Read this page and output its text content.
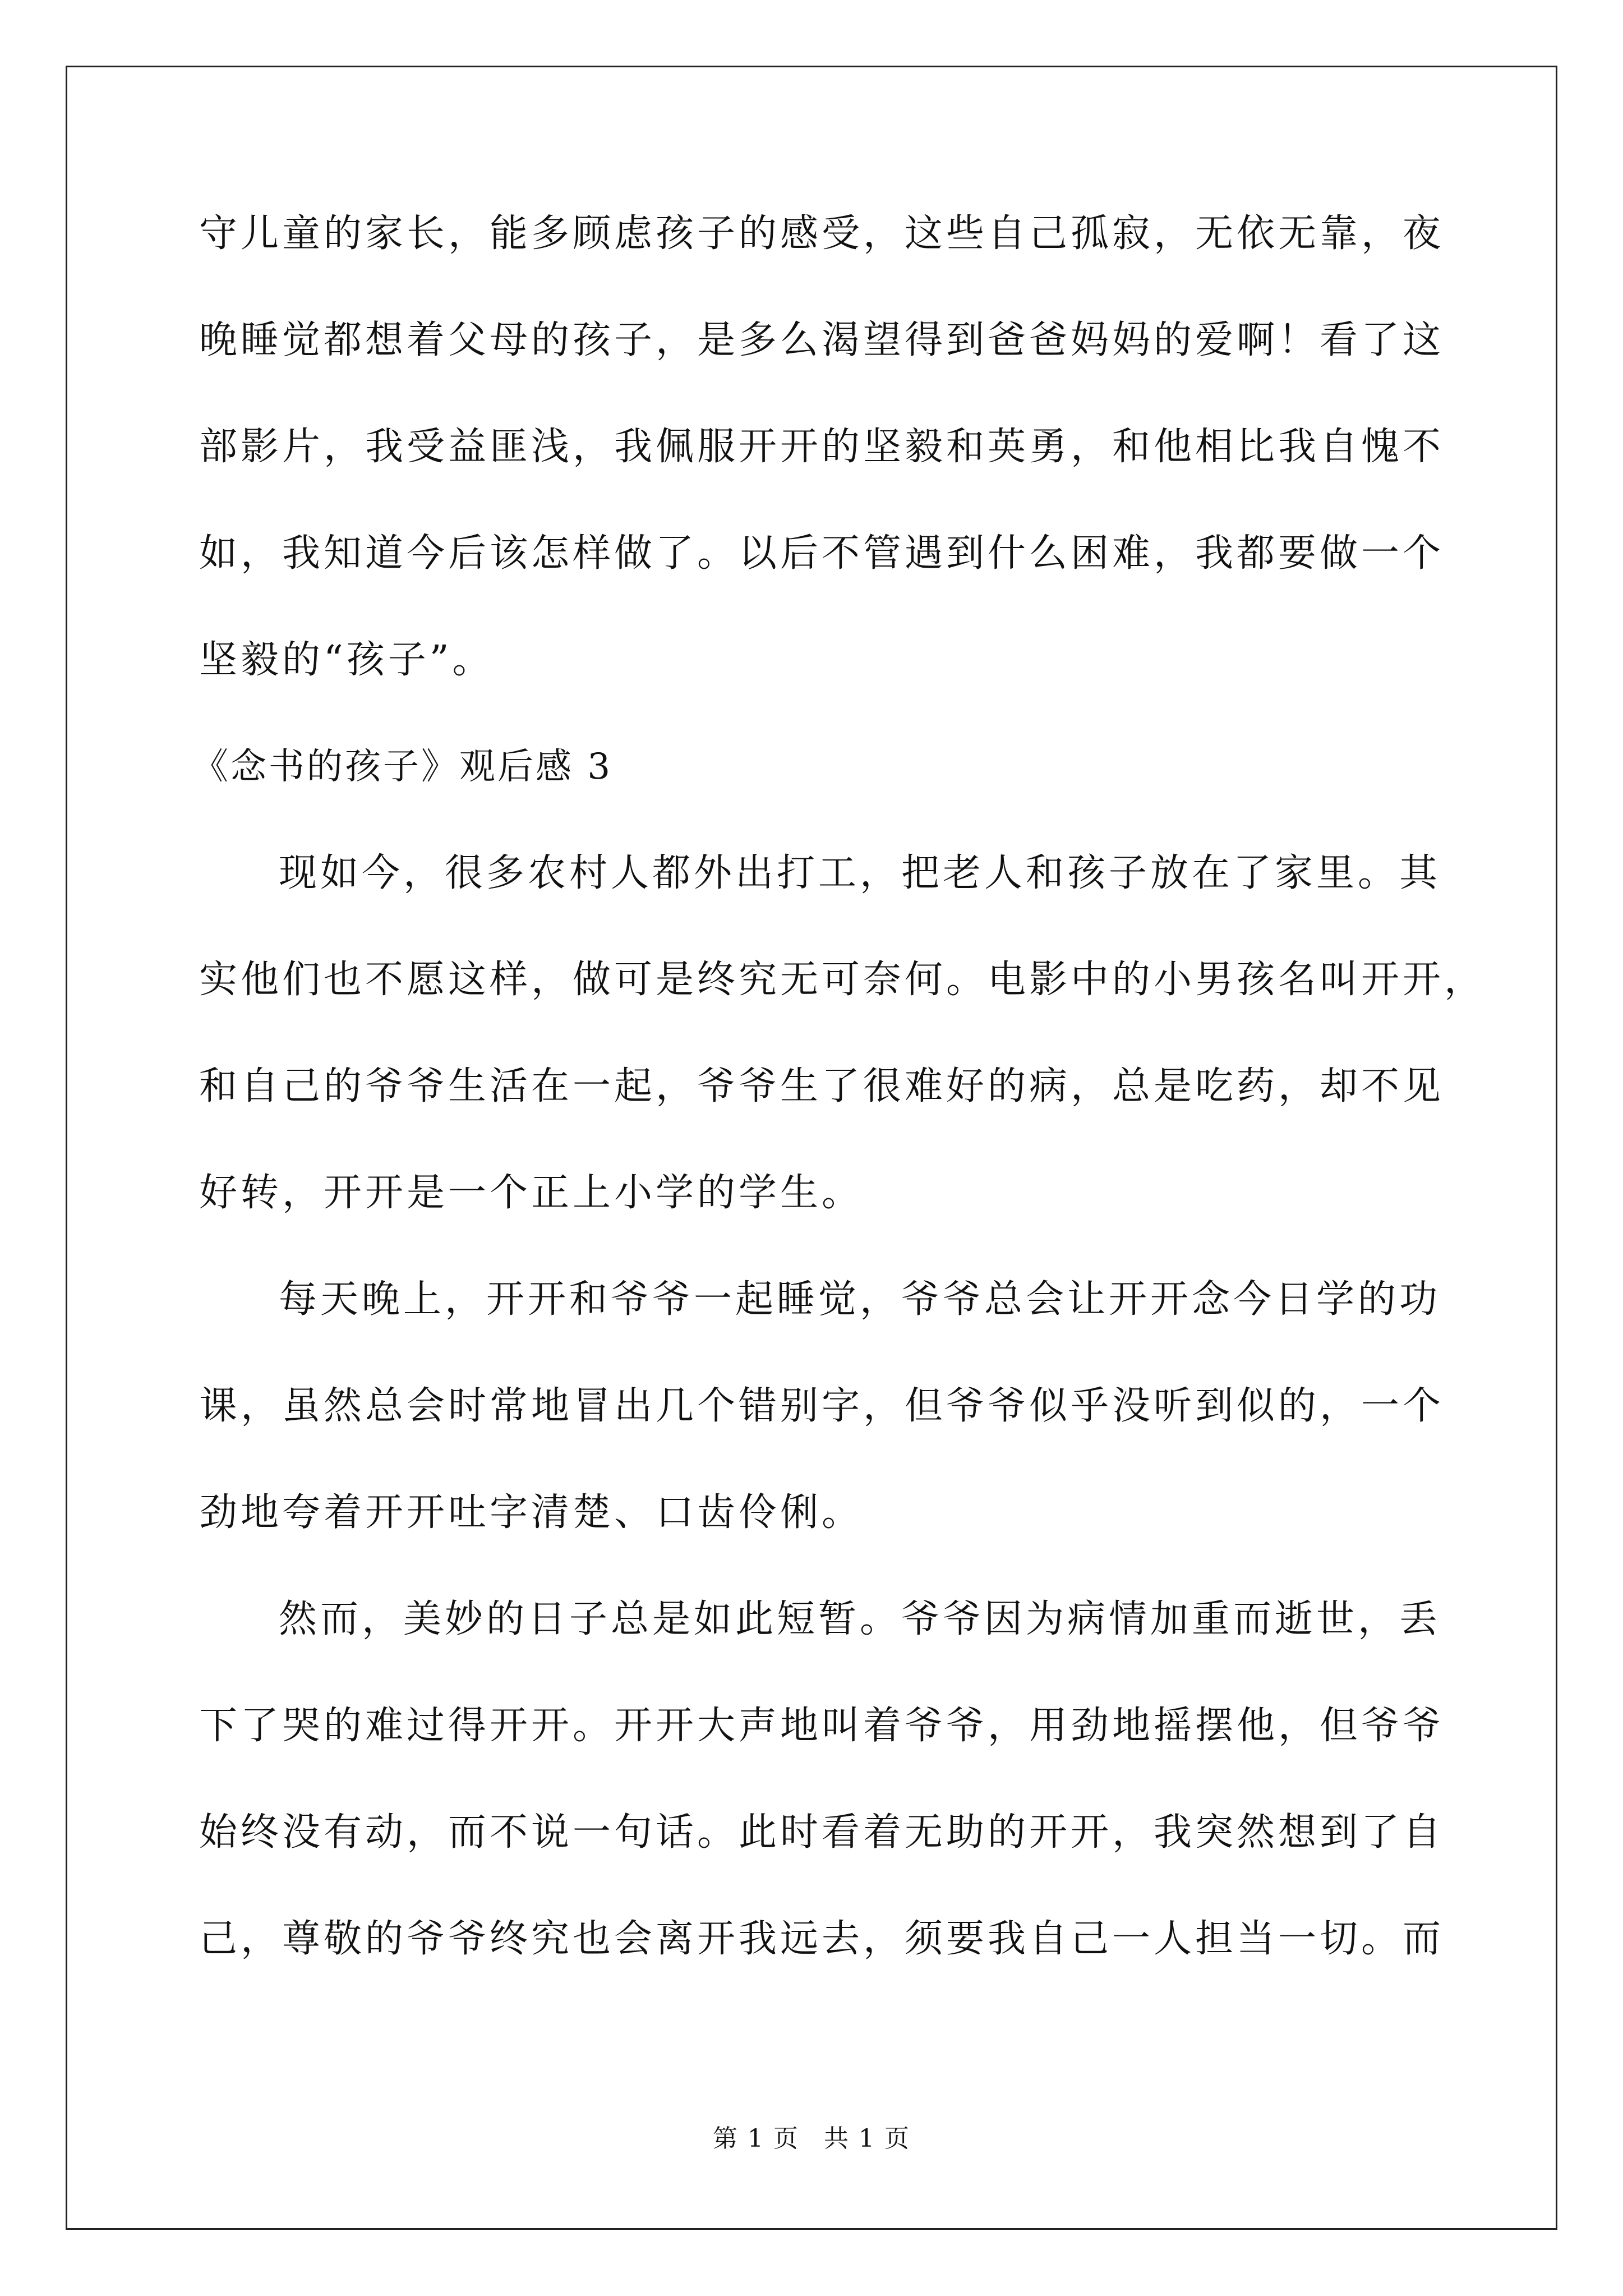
守儿童的家长，能多顾虑孩子的感受，这些自己孤寂，无依无靠，夜
晚睡觉都想着父母的孩子，是多么渴望得到爸爸妈妈的爱啊！看了这
部影片，我受益匪浅，我佩服开开的坚毅和英勇，和他相比我自愧不
如，我知道今后该怎样做了。以后不管遇到什么困难，我都要做一个
坚毅的“孩子”。
《念书的孩子》观后感 3
现如今，很多农村人都外出打工，把老人和孩子放在了家里。其
实他们也不愿这样，做可是终究无可奈何。电影中的小男孩名叫开开，
和自己的爷爷生活在一起，爷爷生了很难好的病，总是吃药，却不见
好转，开开是一个正上小学的学生。
每天晚上，开开和爷爷一起睡觉，爷爷总会让开开念今日学的功
课，虽然总会时常地冒出几个错别字，但爷爷似乎没听到似的，一个
劲地夸着开开吐字清楚、口齿伶俐。
然而，美妙的日子总是如此短暂。爷爷因为病情加重而逝世，丢
下了哭的难过得开开。开开大声地叫着爷爷，用劲地摇摆他，但爷爷
始终没有动，而不说一句话。此时看着无助的开开，我突然想到了自
己，尊敬的爷爷终究也会离开我远去，须要我自己一人担当一切。而
第 1 页 共 1 页
